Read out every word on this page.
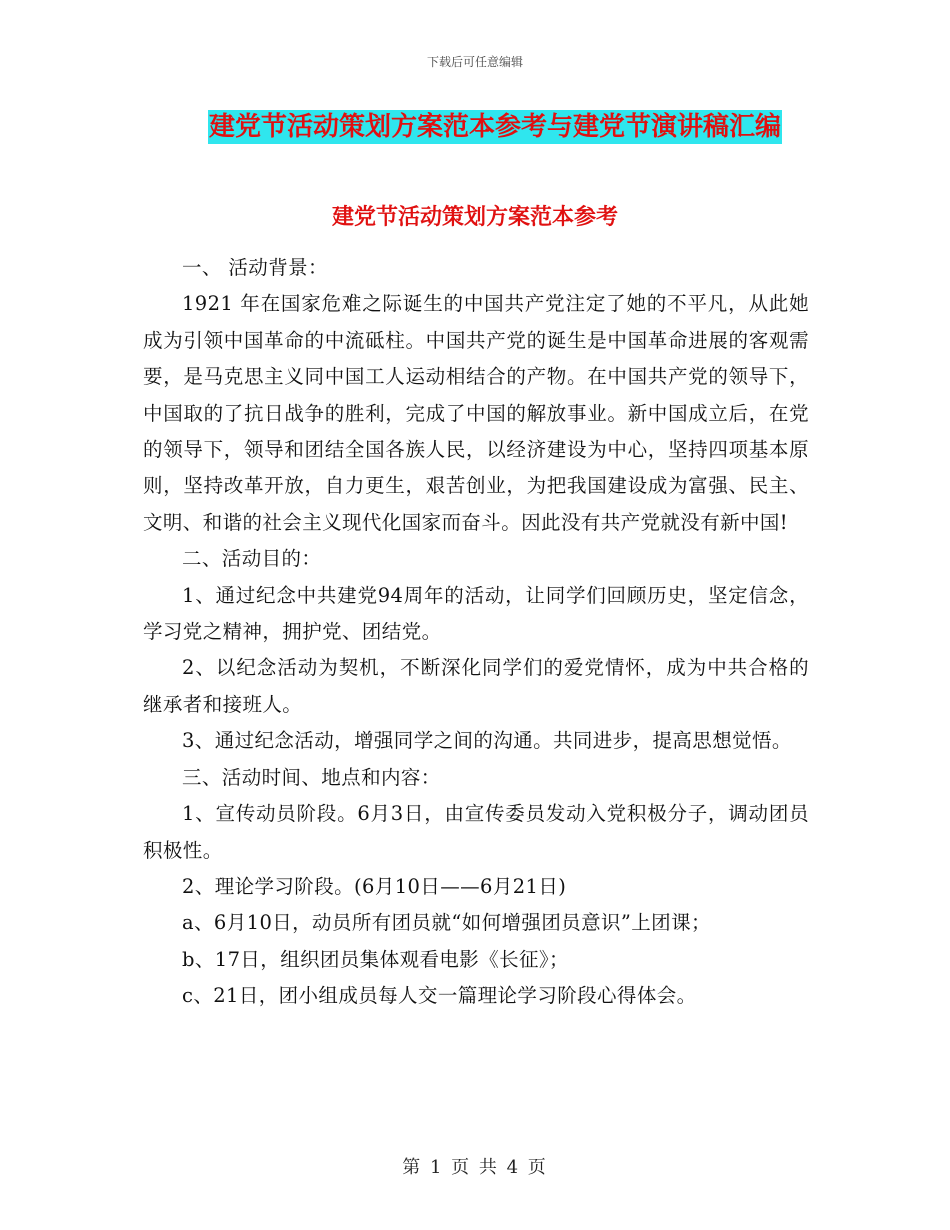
下载后可任意编辑
建党节活动策划方案范本参考与建党节演讲稿汇编
建党节活动策划方案范本参考

一、 活动背景：

1921 年在国家危难之际诞生的中国共产党注定了她的不平凡，从此她成为引领中国革命的中流砥柱。中国共产党的诞生是中国革命进展的客观需要，是马克思主义同中国工人运动相结合的产物。在中国共产党的领导下，中国取的了抗日战争的胜利，完成了中国的解放事业。新中国成立后，在党的领导下，领导和团结全国各族人民，以经济建设为中心，坚持四项基本原则，坚持改革开放，自力更生，艰苦创业，为把我国建设成为富强、民主、文明、和谐的社会主义现代化国家而奋斗。因此没有共产党就没有新中国!

二、活动目的：

1、通过纪念中共建党94周年的活动，让同学们回顾历史，坚定信念，学习党之精神，拥护党、团结党。

2、以纪念活动为契机，不断深化同学们的爱党情怀，成为中共合格的继承者和接班人。

3、通过纪念活动，增强同学之间的沟通。共同进步，提高思想觉悟。

三、活动时间、地点和内容：

1、宣传动员阶段。6月3日，由宣传委员发动入党积极分子，调动团员积极性。

2、理论学习阶段。(6月10日——6月21日)

a、6月10日，动员所有团员就“如何增强团员意识”上团课；

b、17日，组织团员集体观看电影《长征》；

c、21日，团小组成员每人交一篇理论学习阶段心得体会。

第 1 页 共 4 页
